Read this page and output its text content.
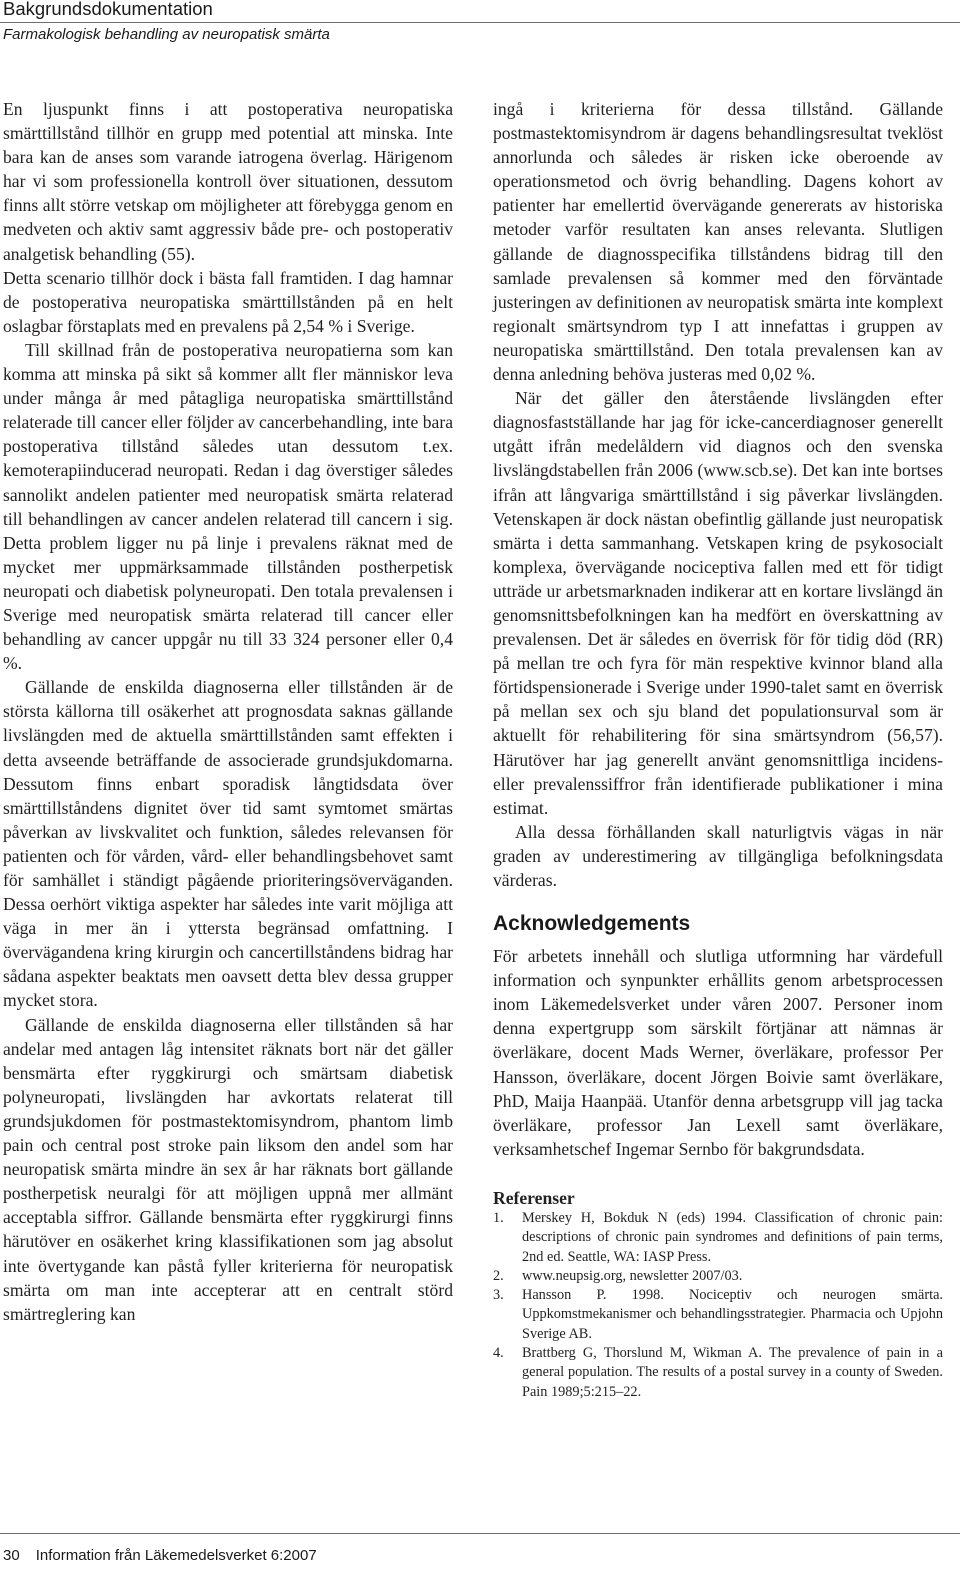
Bakgrundsdokumentation
Farmakologisk behandling av neuropatisk smärta

En ljuspunkt finns i att postoperativa neuropatiska smärttillstånd tillhör en grupp med potential att minska. Inte bara kan de anses som varande iatrogena överlag. Härigenom har vi som professionella kontroll över situationen, dessutom finns allt större vetskap om möjligheter att förebygga genom en medveten och aktiv samt aggressiv både pre- och postoperativ analgetisk behandling (55).

Detta scenario tillhör dock i bästa fall framtiden. I dag hamnar de postoperativa neuropatiska smärttillstånden på en helt oslagbar förstaplats med en prevalens på 2,54 % i Sverige.

Till skillnad från de postoperativa neuropatierna som kan komma att minska på sikt så kommer allt fler människor leva under många år med påtagliga neuropatiska smärttillstånd relaterade till cancer eller följder av cancerbehandling, inte bara postoperativa tillstånd således utan dessutom t.ex. kemoterapiinducerad neuropati. Redan i dag överstiger således sannolikt andelen patienter med neuropatisk smärta relaterad till behandlingen av cancer andelen relaterad till cancern i sig. Detta problem ligger nu på linje i prevalens räknat med de mycket mer uppmärksammade tillstånden postherpetisk neuropati och diabetisk polyneuropati. Den totala prevalensen i Sverige med neuropatisk smärta relaterad till cancer eller behandling av cancer uppgår nu till 33 324 personer eller 0,4 %.

Gällande de enskilda diagnoserna eller tillstånden är de största källorna till osäkerhet att prognosdata saknas gällande livslängden med de aktuella smärttillstånden samt effekten i detta avseende beträffande de associerade grundsjukdomarna. Dessutom finns enbart sporadisk långtidsdata över smärttillståndens dignitet över tid samt symtomet smärtas påverkan av livskvalitet och funktion, således relevansen för patienten och för vården, vård- eller behandlingsbehovet samt för samhället i ständigt pågående prioriteringsöverväganden. Dessa oerhört viktiga aspekter har således inte varit möjliga att väga in mer än i yttersta begränsad omfattning. I övervägandena kring kirurgin och cancertillståndens bidrag har sådana aspekter beaktats men oavsett detta blev dessa grupper mycket stora.

Gällande de enskilda diagnoserna eller tillstånden så har andelar med antagen låg intensitet räknats bort när det gäller bensmärta efter ryggkirurgi och smärtsam diabetisk polyneuropati, livslängden har avkortats relaterat till grundsjukdomen för postmastektomisyndrom, phantom limb pain och central post stroke pain liksom den andel som har neuropatisk smärta mindre än sex år har räknats bort gällande postherpetisk neuralgi för att möjligen uppnå mer allmänt acceptabla siffror. Gällande bensmärta efter ryggkirurgi finns härutöver en osäkerhet kring klassifikationen som jag absolut inte övertygande kan påstå fyller kriterierna för neuropatisk smärta om man inte accepterar att en centralt störd smärtreglering kan

ingå i kriterierna för dessa tillstånd. Gällande postmastektomisyndrom är dagens behandlingsresultat tveklöst annorlunda och således är risken icke oberoende av operationsmetod och övrig behandling. Dagens kohort av patienter har emellertid övervägande genererats av historiska metoder varför resultaten kan anses relevanta. Slutligen gällande de diagnosspecifika tillståndens bidrag till den samlade prevalensen så kommer med den förväntade justeringen av definitionen av neuropatisk smärta inte komplext regionalt smärtsyndrom typ I att innefattas i gruppen av neuropatiska smärttillstånd. Den totala prevalensen kan av denna anledning behöva justeras med 0,02 %.

När det gäller den återstående livslängden efter diagnosfastställande har jag för icke-cancerdiagnoser generellt utgått ifrån medelåldern vid diagnos och den svenska livslängdstabellen från 2006 (www.scb.se). Det kan inte bortses ifrån att långvariga smärttillstånd i sig påverkar livslängden. Vetenskapen är dock nästan obefintlig gällande just neuropatisk smärta i detta sammanhang. Vetskapen kring de psykosocialt komplexa, övervägande nociceptiva fallen med ett för tidigt utträde ur arbetsmarknaden indikerar att en kortare livslängd än genomsnittsbefolkningen kan ha medfört en överskattning av prevalensen. Det är således en överrisk för för tidig död (RR) på mellan tre och fyra för män respektive kvinnor bland alla förtidspensionerade i Sverige under 1990-talet samt en överrisk på mellan sex och sju bland det populationsurval som är aktuellt för rehabilitering för sina smärtsyndrom (56,57). Härutöver har jag generellt använt genomsnittliga incidens- eller prevalenssiffror från identifierade publikationer i mina estimat.

Alla dessa förhållanden skall naturligtvis vägas in när graden av underestimering av tillgängliga befolkningsdata värderas.

Acknowledgements

För arbetets innehåll och slutliga utformning har värdefull information och synpunkter erhållits genom arbetsprocessen inom Läkemedelsverket under våren 2007. Personer inom denna expertgrupp som särskilt förtjänar att nämnas är överläkare, docent Mads Werner, överläkare, professor Per Hansson, överläkare, docent Jörgen Boivie samt överläkare, PhD, Maija Haanpää. Utanför denna arbetsgrupp vill jag tacka överläkare, professor Jan Lexell samt överläkare, verksamhetschef Ingemar Sernbo för bakgrundsdata.

Referenser
1. Merskey H, Bokduk N (eds) 1994. Classification of chronic pain: descriptions of chronic pain syndromes and definitions of pain terms, 2nd ed. Seattle, WA: IASP Press.
2. www.neupsig.org, newsletter 2007/03.
3. Hansson P. 1998. Nociceptiv och neurogen smärta. Uppkomstmekanismer och behandlingsstrategier. Pharmacia och Upjohn Sverige AB.
4. Brattberg G, Thorslund M, Wikman A. The prevalence of pain in a general population. The results of a postal survey in a county of Sweden. Pain 1989;5:215–22.
30 Information från Läkemedelsverket 6:2007
